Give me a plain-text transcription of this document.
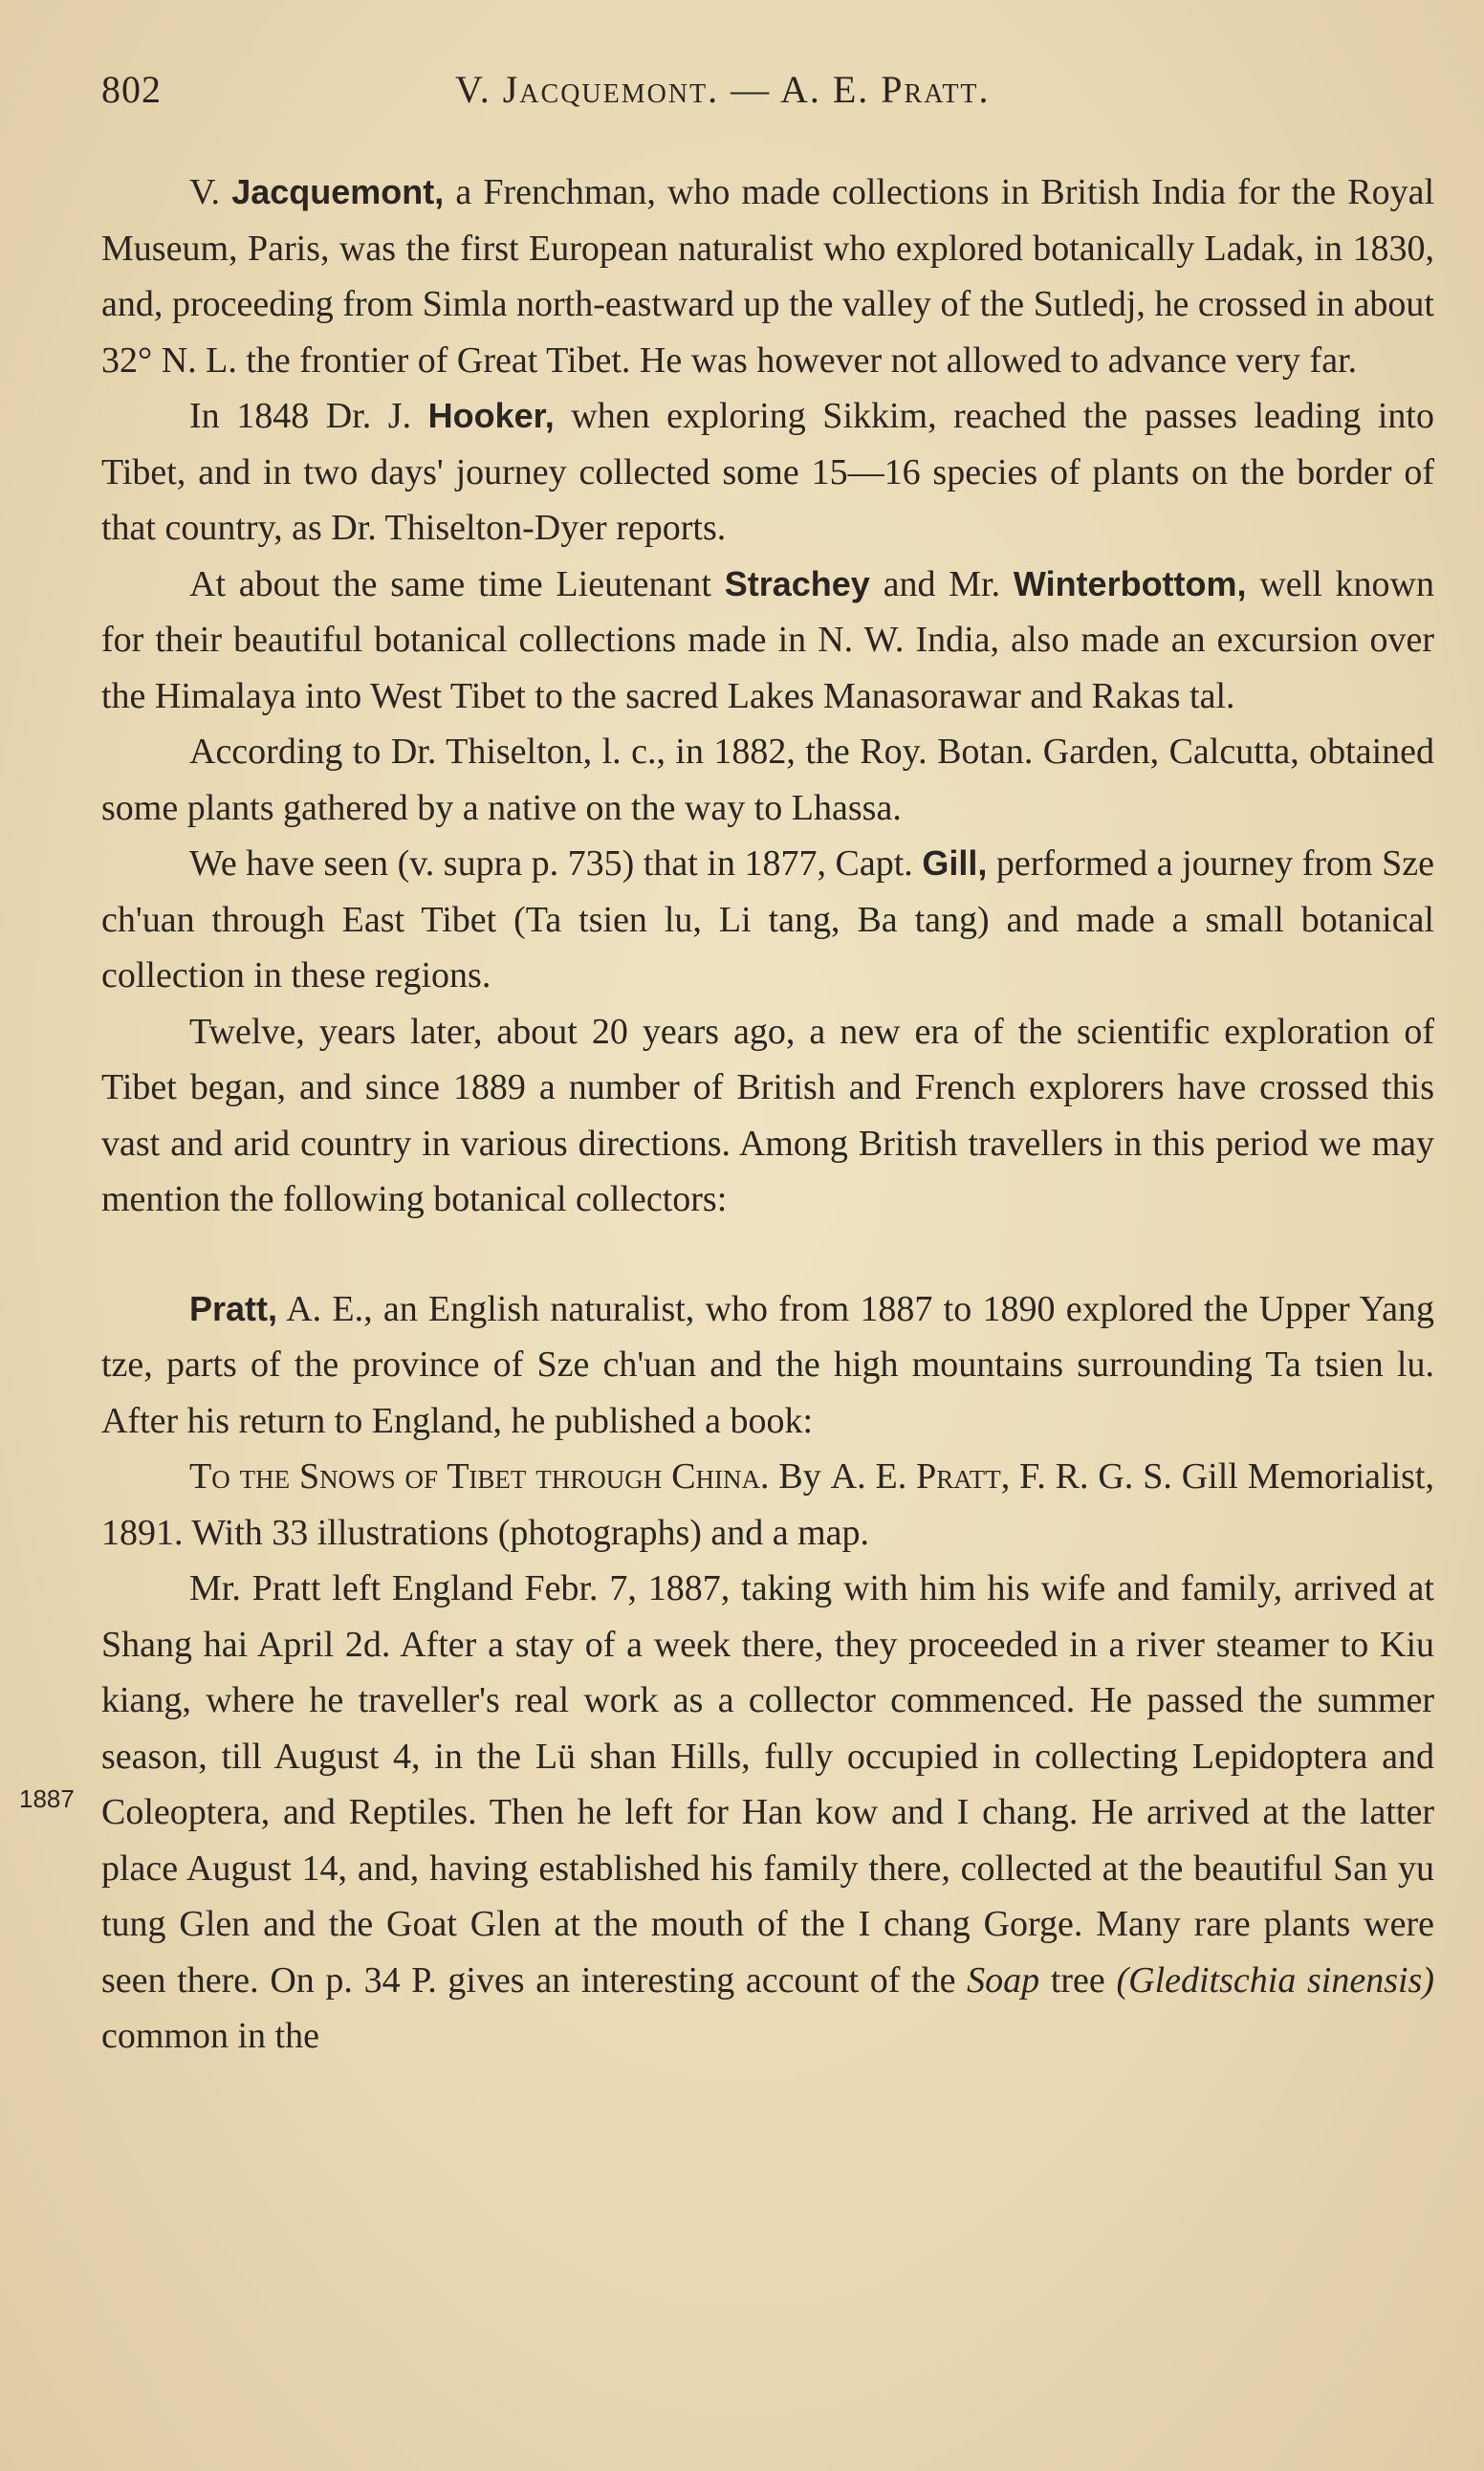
802	V. Jacquemont. — A. E. Pratt.
1887

V. Jacquemont, a Frenchman, who made collections in British India for the Royal Museum, Paris, was the first European naturalist who explored botanically Ladak, in 1830, and, proceeding from Simla north-eastward up the valley of the Sutledj, he crossed in about 32° N. L. the frontier of Great Tibet. He was however not allowed to advance very far.

In 1848 Dr. J. Hooker, when exploring Sikkim, reached the passes leading into Tibet, and in two days' journey collected some 15—16 species of plants on the border of that country, as Dr. Thiselton-Dyer reports.

At about the same time Lieutenant Strachey and Mr. Winterbottom, well known for their beautiful botanical collections made in N. W. India, also made an excursion over the Himalaya into West Tibet to the sacred Lakes Manasorawar and Rakas tal.

According to Dr. Thiselton, l. c., in 1882, the Roy. Botan. Garden, Calcutta, obtained some plants gathered by a native on the way to Lhassa.

We have seen (v. supra p. 735) that in 1877, Capt. Gill, performed a journey from Sze ch'uan through East Tibet (Ta tsien lu, Li tang, Ba tang) and made a small botanical collection in these regions.

Twelve, years later, about 20 years ago, a new era of the scientific exploration of Tibet began, and since 1889 a number of British and French explorers have crossed this vast and arid country in various directions. Among British travellers in this period we may mention the following botanical collectors:

Pratt, A. E., an English naturalist, who from 1887 to 1890 explored the Upper Yang tze, parts of the province of Sze ch'uan and the high mountains surrounding Ta tsien lu. After his return to England, he published a book:

To the Snows of Tibet through China. By A. E. Pratt, F. R. G. S. Gill Memorialist, 1891. With 33 illustrations (photographs) and a map.

Mr. Pratt left England Febr. 7, 1887, taking with him his wife and family, arrived at Shang hai April 2d. After a stay of a week there, they proceeded in a river steamer to Kiu kiang, where he traveller's real work as a collector commenced. He passed the summer season, till August 4, in the Lü shan Hills, fully occupied in collecting Lepidoptera and Coleoptera, and Reptiles. Then he left for Han kow and I chang. He arrived at the latter place August 14, and, having established his family there, collected at the beautiful San yu tung Glen and the Goat Glen at the mouth of the I chang Gorge. Many rare plants were seen there. On p. 34 P. gives an interesting account of the Soap tree (Gleditschia sinensis) common in the
